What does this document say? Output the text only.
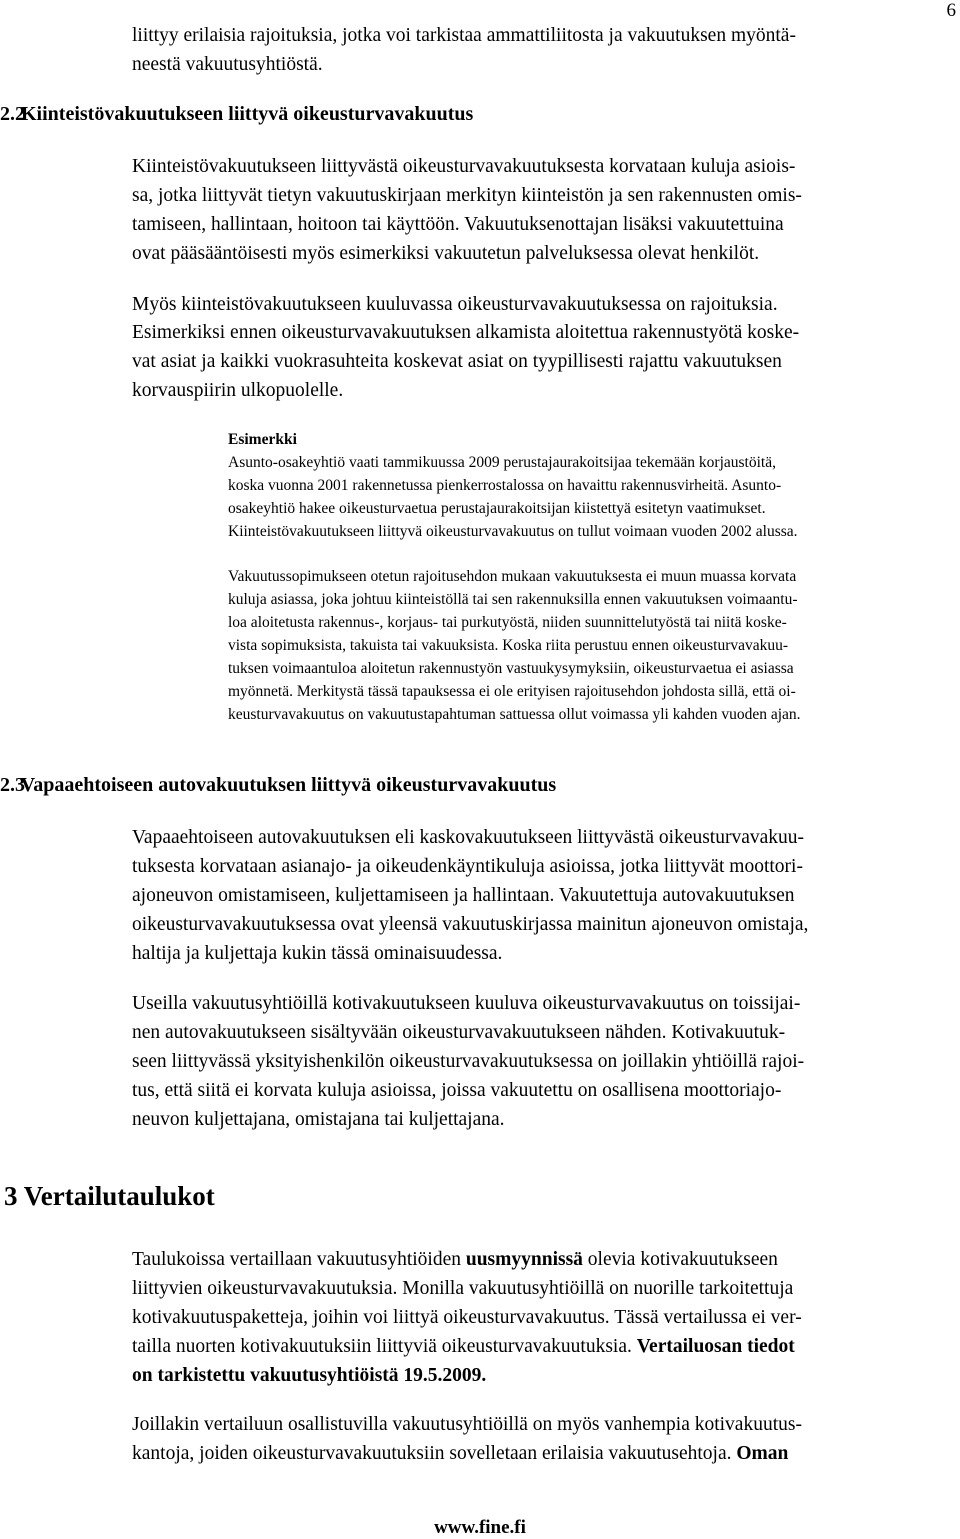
6
liittyy erilaisia rajoituksia, jotka voi tarkistaa ammattiliitosta ja vakuutuksen myöntä-
neestä vakuutusyhtiöstä.
2.2 Kiinteistövakuutukseen liittyvä oikeusturvavakuutus
Kiinteistövakuutukseen liittyvästä oikeusturvavakuutuksesta korvataan kuluja asiois-
sa, jotka liittyvät tietyn vakuutuskirjaan merkityn kiinteistön ja sen rakennusten omis-
tamiseen, hallintaan, hoitoon tai käyttöön. Vakuutuksenottajan lisäksi vakuutettuina
ovat pääsääntöisesti myös esimerkiksi vakuutetun palveluksessa olevat henkilöt.
Myös kiinteistövakuutukseen kuuluvassa oikeusturvavakuutuksessa on rajoituksia.
Esimerkiksi ennen oikeusturvavakuutuksen alkamista aloitettua rakennustyötä koske-
vat asiat ja kaikki vuokrasuhteita koskevat asiat on tyypillisesti rajattu vakuutuksen
korvauspiirin ulkopuolelle.
Esimerkki
Asunto-osakeyhtiö vaati tammikuussa 2009 perustajaurakoitsijaa tekemään korjaustöitä,
koska vuonna 2001 rakennetussa pienkerrostalossa on havaittu rakennusvirheitä. Asunto-
osakeyhtiö hakee oikeusturvaetua perustajaurakoitsijan kiistettyä esitetyn vaatimukset.
Kiinteistövakuutukseen liittyvä oikeusturvavakuutus on tullut voimaan vuoden 2002 alussa.
Vakuutussopimukseen otetun rajoitusehdon mukaan vakuutuksesta ei muun muassa korvata
kuluja asiassa, joka johtuu kiinteistöllä tai sen rakennuksilla ennen vakuutuksen voimaantu-
loa aloitetusta rakennus-, korjaus- tai purkutyöstä, niiden suunnittelutyöstä tai niitä koske-
vista sopimuksista, takuista tai vakuuksista. Koska riita perustuu ennen oikeusturvavakuu-
tuksen voimaantuloa aloitetun rakennustyön vastuukysymyksiin, oikeusturvaetua ei asiassa
myönnetä. Merkitystä tässä tapauksessa ei ole erityisen rajoitusehdon johdosta sillä, että oi-
keusturvavakuutus on vakuutustapahtuman sattuessa ollut voimassa yli kahden vuoden ajan.
2.3 Vapaaehtoiseen autovakuutuksen liittyvä oikeusturvavakuutus
Vapaaehtoiseen autovakuutuksen eli kaskovakuutukseen liittyvästä oikeusturvavakuu-
tuksesta korvataan asianajo- ja oikeudenkäyntikuluja asioissa, jotka liittyvät moottori-
ajoneuvon omistamiseen, kuljettamiseen ja hallintaan. Vakuutettuja autovakuutuksen
oikeusturvavakuutuksessa ovat yleensä vakuutuskirjassa mainitun ajoneuvon omistaja,
haltija ja kuljettaja kukin tässä ominaisuudessa.
Useilla vakuutusyhtiöillä kotivakuutukseen kuuluva oikeusturvavakuutus on toissijai-
nen autovakuutukseen sisältyvään oikeusturvavakuutukseen nähden. Kotivakuutuk-
seen liittyvässä yksityishenkilön oikeusturvavakuutuksessa on joillakin yhtiöillä rajoi-
tus, että siitä ei korvata kuluja asioissa, joissa vakuutettu on osallisena moottoriajo-
neuvon kuljettajana, omistajana tai kuljettajana.
3 Vertailutaulukot
Taulukoissa vertaillaan vakuutusyhtiöiden uusmyynnissä olevia kotivakuutukseen
liittyvien oikeusturvavakuutuksia. Monilla vakuutusyhtiöillä on nuorille tarkoitettuja
kotivakuutuspaketteja, joihin voi liittyä oikeusturvavakuutus. Tässä vertailussa ei ver-
tailla nuorten kotivakuutuksiin liittyviä oikeusturvavakuutuksia. Vertailuosan tiedot
on tarkistettu vakuutusyhtiöistä 19.5.2009.
Joillakin vertailuun osallistuvilla vakuutusyhtiöillä on myös vanhempia kotivakuutus-
kantoja, joiden oikeusturvavakuutuksiin sovelletaan erilaisia vakuutusehtoja. Oman
www.fine.fi
